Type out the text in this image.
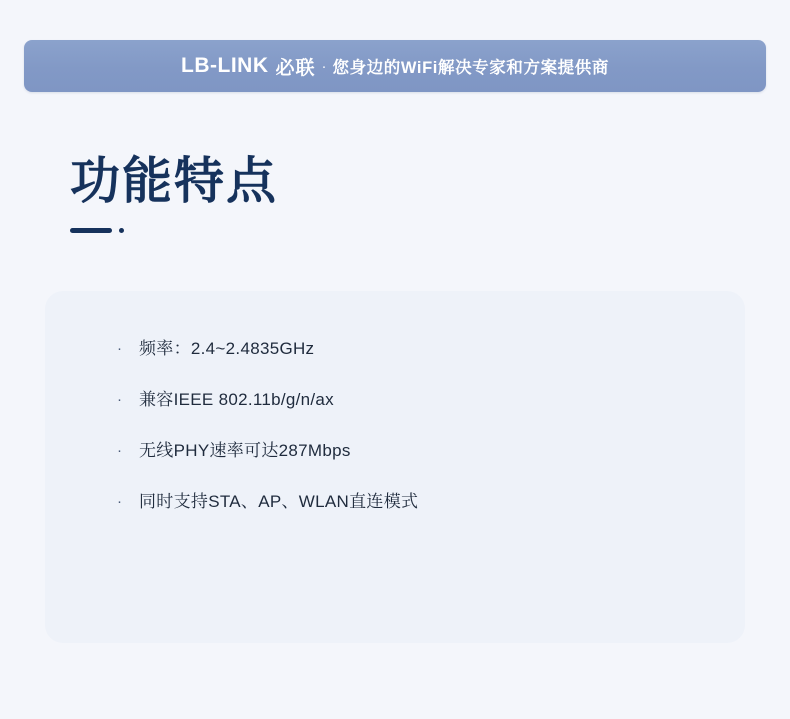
LB-LINK 必联 · 您身边的WiFi解决专家和方案提供商
功能特点
·	频率：2.4~2.4835GHz
·	兼容IEEE 802.11b/g/n/ax
·	无线PHY速率可达287Mbps
·	同时支持STA、AP、WLAN直连模式
